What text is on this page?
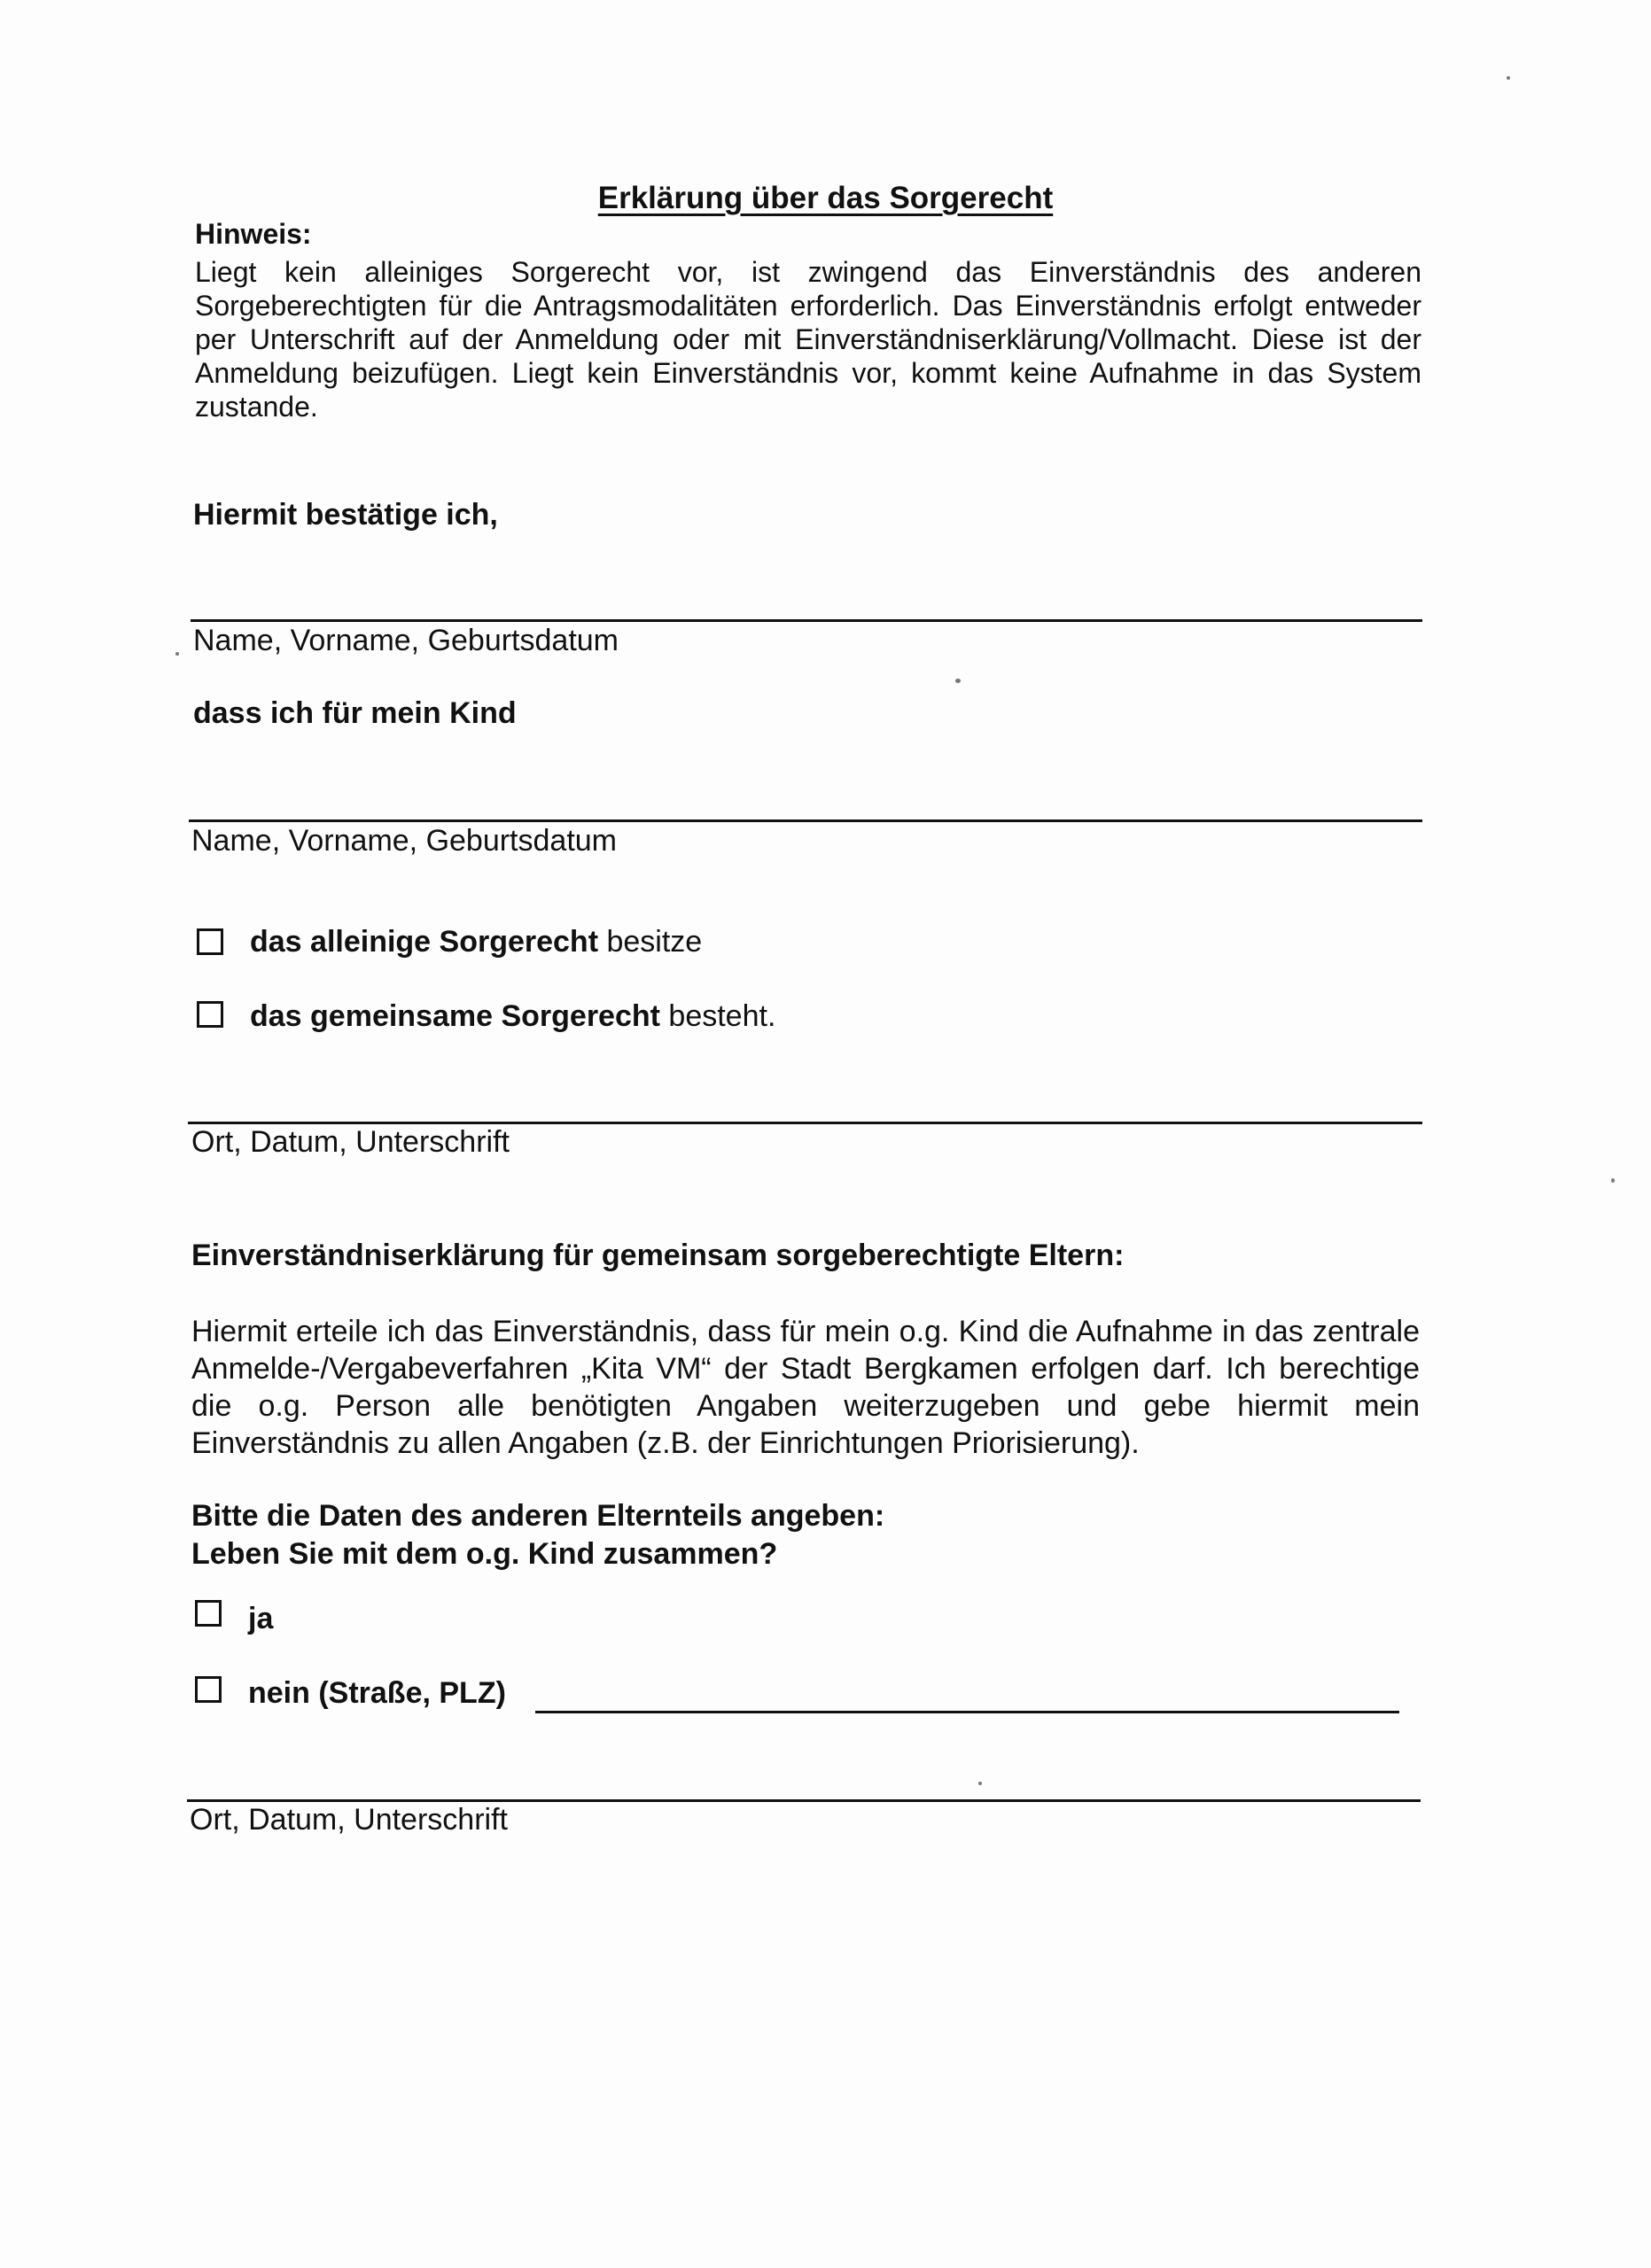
Erklärung über das Sorgerecht
Hinweis:
Liegt kein alleiniges Sorgerecht vor, ist zwingend das Einverständnis des anderen Sorgeberechtigten für die Antragsmodalitäten erforderlich. Das Einverständnis erfolgt entweder per Unterschrift auf der Anmeldung oder mit Einverständniserklärung/Vollmacht. Diese ist der Anmeldung beizufügen. Liegt kein Einverständnis vor, kommt keine Aufnahme in das System zustande.
Hiermit bestätige ich,
Name, Vorname, Geburtsdatum
dass ich für mein Kind
Name, Vorname, Geburtsdatum
das alleinige Sorgerecht besitze
das gemeinsame Sorgerecht besteht.
Ort, Datum, Unterschrift
Einverständniserklärung für gemeinsam sorgeberechtigte Eltern:
Hiermit erteile ich das Einverständnis, dass für mein o.g. Kind die Aufnahme in das zentrale Anmelde-/Vergabeverfahren „Kita VM“ der Stadt Bergkamen erfolgen darf. Ich berechtige die o.g. Person alle benötigten Angaben weiterzugeben und gebe hiermit mein Einverständnis zu allen Angaben (z.B. der Einrichtungen Priorisierung).
Bitte die Daten des anderen Elternteils angeben:
Leben Sie mit dem o.g. Kind zusammen?
ja
nein (Straße, PLZ)
Ort, Datum, Unterschrift
